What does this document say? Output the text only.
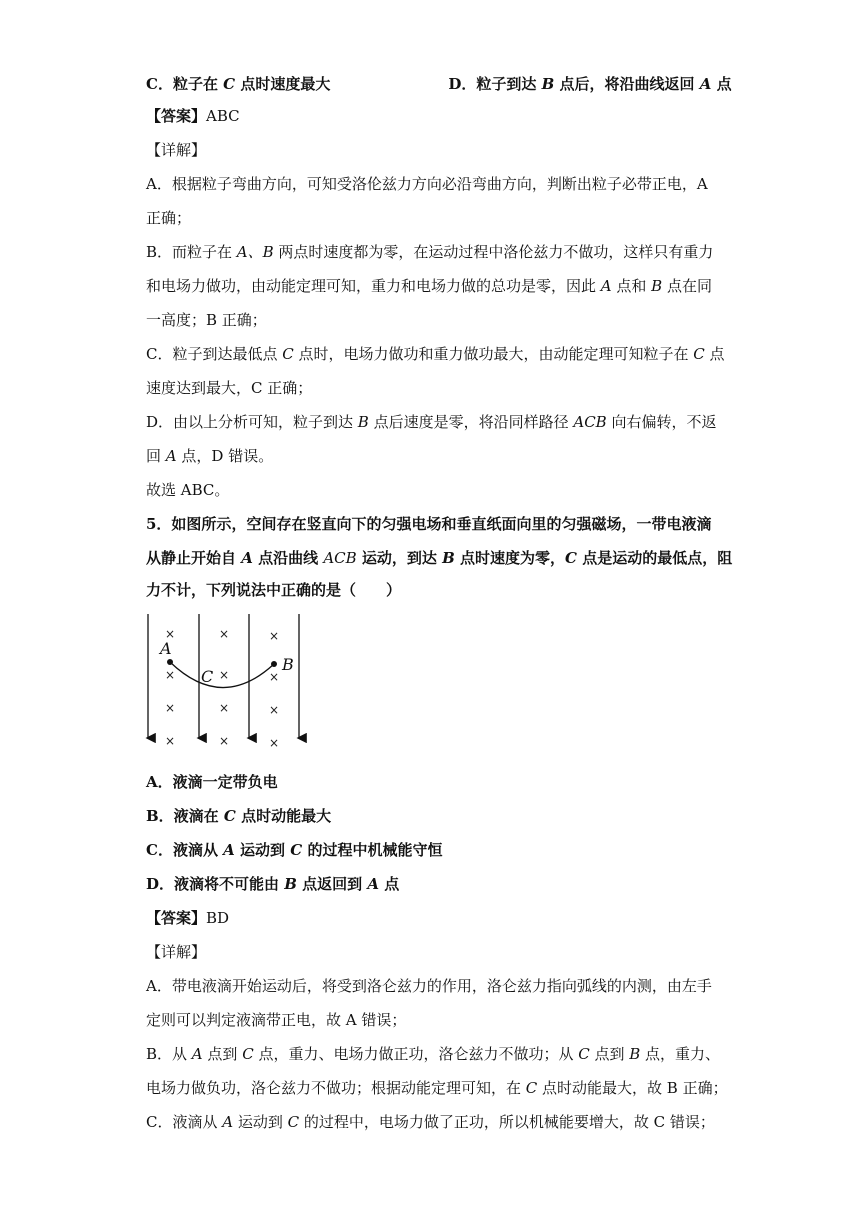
C．粒子在 C 点时速度最大	D．粒子到达 B 点后，将沿曲线返回 A 点
【答案】ABC
【详解】
A．根据粒子弯曲方向，可知受洛伦兹力方向必沿弯曲方向，判断出粒子必带正电，A
正确；
B．而粒子在 A、B 两点时速度都为零，在运动过程中洛伦兹力不做功，这样只有重力
和电场力做功，由动能定理可知，重力和电场力做的总功是零，因此 A 点和 B 点在同
一高度；B 正确；
C．粒子到达最低点 C 点时，电场力做功和重力做功最大，由动能定理可知粒子在 C 点
速度达到最大，C 正确；
D．由以上分析可知，粒子到达 B 点后速度是零，将沿同样路径 ACB 向右偏转，不返
回 A 点，D 错误。
故选 ABC。
5．如图所示，空间存在竖直向下的匀强电场和垂直纸面向里的匀强磁场，一带电液滴
从静止开始自 A 点沿曲线 ACB 运动，到达 B 点时速度为零，C 点是运动的最低点，阻
力不计，下列说法中正确的是（　　）
×	×	×
×	×	×
×	×	×
×	×	×
A
B
C
A．液滴一定带负电
B．液滴在 C 点时动能最大
C．液滴从 A 运动到 C 的过程中机械能守恒
D．液滴将不可能由 B 点返回到 A 点
【答案】BD
【详解】
A．带电液滴开始运动后，将受到洛仑兹力的作用，洛仑兹力指向弧线的内测，由左手
定则可以判定液滴带正电，故 A 错误；
B．从 A 点到 C 点，重力、电场力做正功，洛仑兹力不做功；从 C 点到 B 点，重力、
电场力做负功，洛仑兹力不做功；根据动能定理可知，在 C 点时动能最大，故 B 正确；
C．液滴从 A 运动到 C 的过程中，电场力做了正功，所以机械能要增大，故 C 错误；
